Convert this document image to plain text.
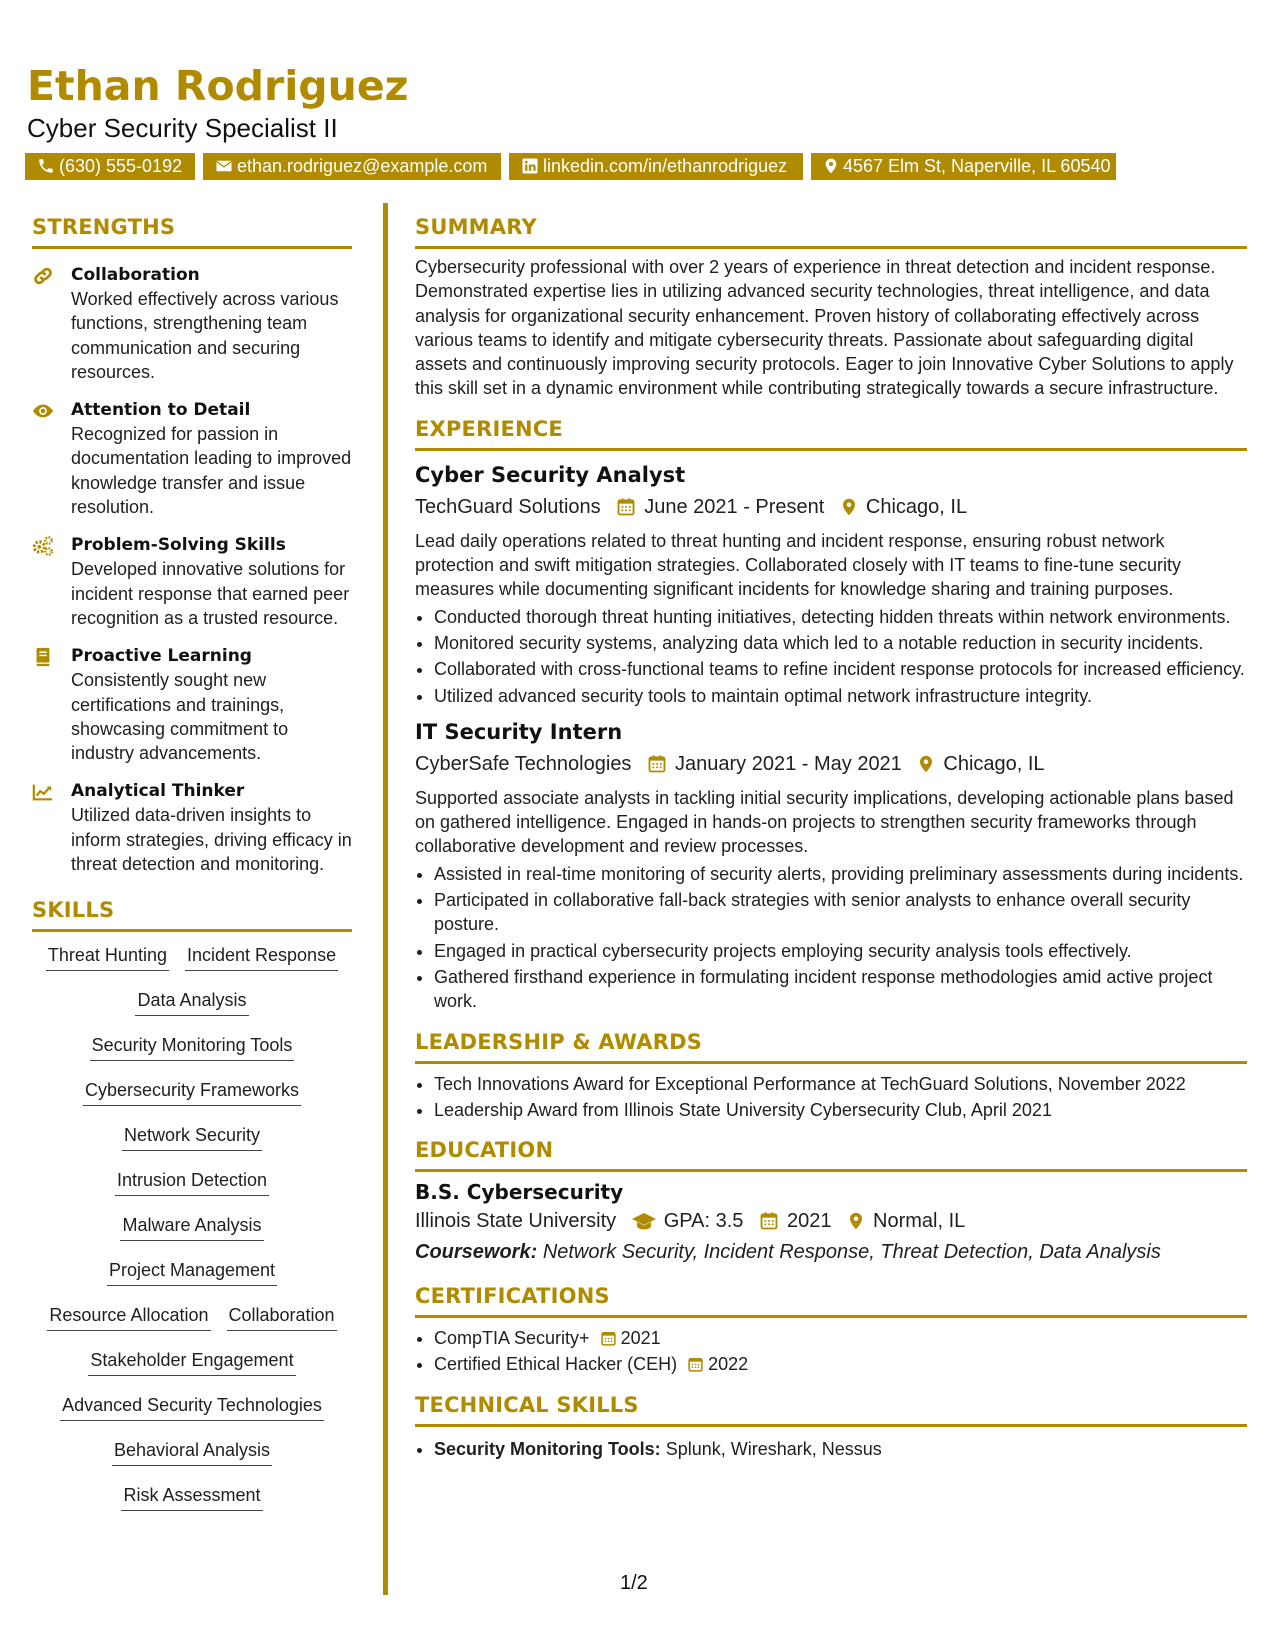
Ethan Rodriguez
Cyber Security Specialist II
(630) 555-0192	ethan.rodriguez@example.com	linkedin.com/in/ethanrodriguez	4567 Elm St, Naperville, IL 60540
STRENGTHS
Collaboration
Worked effectively across various functions, strengthening team communication and securing resources.
Attention to Detail
Recognized for passion in documentation leading to improved knowledge transfer and issue resolution.
Problem-Solving Skills
Developed innovative solutions for incident response that earned peer recognition as a trusted resource.
Proactive Learning
Consistently sought new certifications and trainings, showcasing commitment to industry advancements.
Analytical Thinker
Utilized data-driven insights to inform strategies, driving efficacy in threat detection and monitoring.
SKILLS
Threat Hunting Incident Response
Data Analysis
Security Monitoring Tools
Cybersecurity Frameworks
Network Security
Intrusion Detection
Malware Analysis
Project Management
Resource Allocation Collaboration
Stakeholder Engagement
Advanced Security Technologies
Behavioral Analysis
Risk Assessment
SUMMARY
Cybersecurity professional with over 2 years of experience in threat detection and incident response. Demonstrated expertise lies in utilizing advanced security technologies, threat intelligence, and data analysis for organizational security enhancement. Proven history of collaborating effectively across various teams to identify and mitigate cybersecurity threats. Passionate about safeguarding digital assets and continuously improving security protocols. Eager to join Innovative Cyber Solutions to apply this skill set in a dynamic environment while contributing strategically towards a secure infrastructure.
EXPERIENCE
Cyber Security Analyst
TechGuard Solutions June 2021 - Present Chicago, IL
Lead daily operations related to threat hunting and incident response, ensuring robust network protection and swift mitigation strategies. Collaborated closely with IT teams to fine-tune security measures while documenting significant incidents for knowledge sharing and training purposes.
• Conducted thorough threat hunting initiatives, detecting hidden threats within network environments.
• Monitored security systems, analyzing data which led to a notable reduction in security incidents.
• Collaborated with cross-functional teams to refine incident response protocols for increased efficiency.
• Utilized advanced security tools to maintain optimal network infrastructure integrity.
IT Security Intern
CyberSafe Technologies January 2021 - May 2021 Chicago, IL
Supported associate analysts in tackling initial security implications, developing actionable plans based on gathered intelligence. Engaged in hands-on projects to strengthen security frameworks through collaborative development and review processes.
• Assisted in real-time monitoring of security alerts, providing preliminary assessments during incidents.
• Participated in collaborative fall-back strategies with senior analysts to enhance overall security posture.
• Engaged in practical cybersecurity projects employing security analysis tools effectively.
• Gathered firsthand experience in formulating incident response methodologies amid active project work.
LEADERSHIP & AWARDS
• Tech Innovations Award for Exceptional Performance at TechGuard Solutions, November 2022
• Leadership Award from Illinois State University Cybersecurity Club, April 2021
EDUCATION
B.S. Cybersecurity
Illinois State University GPA: 3.5 2021 Normal, IL
Coursework: Network Security, Incident Response, Threat Detection, Data Analysis
CERTIFICATIONS
• CompTIA Security+ 2021
• Certified Ethical Hacker (CEH) 2022
TECHNICAL SKILLS
• Security Monitoring Tools: Splunk, Wireshark, Nessus
1/2
